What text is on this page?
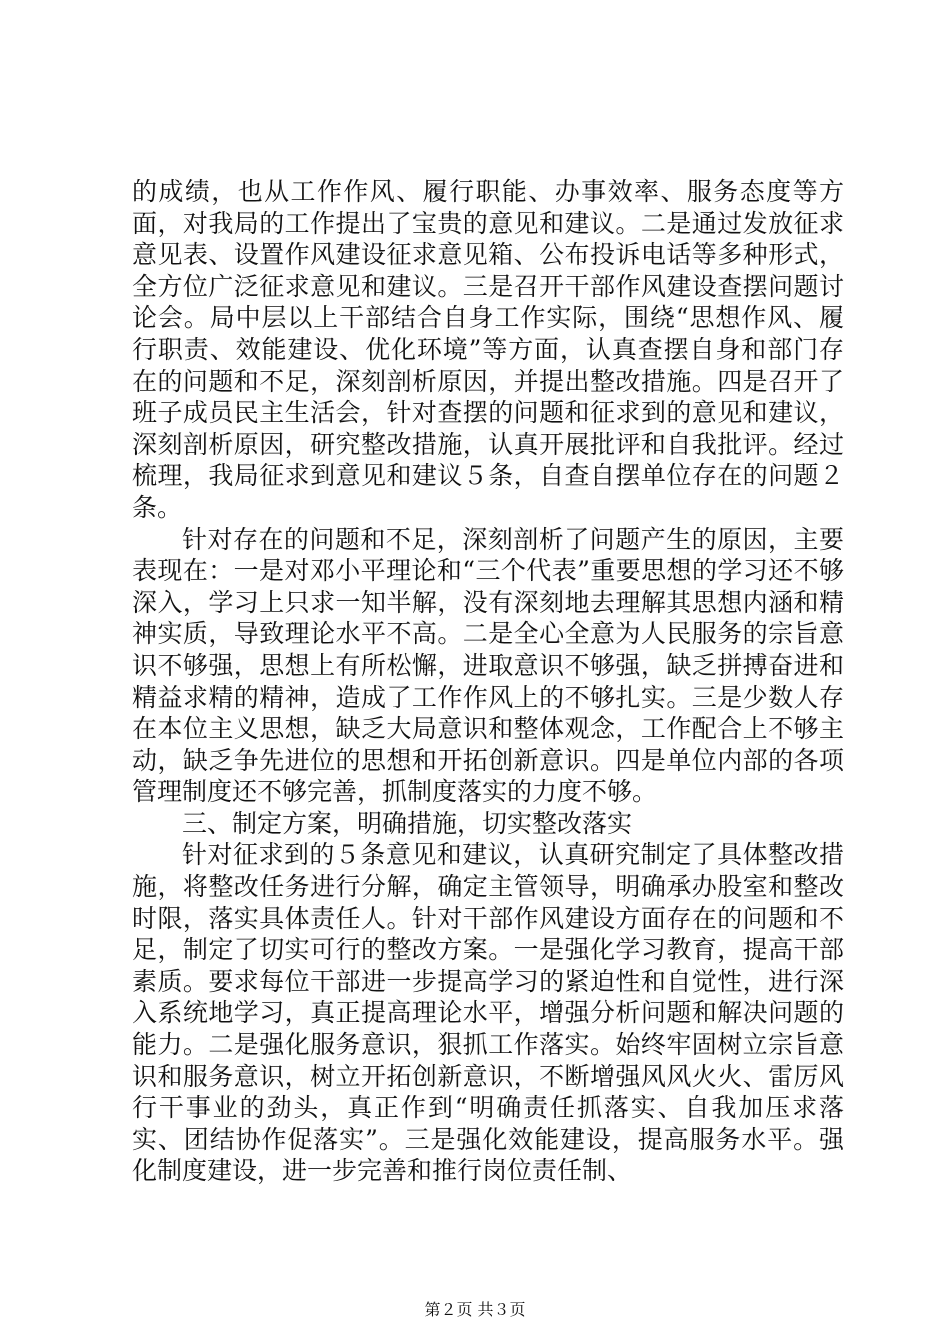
的成绩，也从工作作风、履行职能、办事效率、服务态度等方面，对我局的工作提出了宝贵的意见和建议。二是通过发放征求意见表、设置作风建设征求意见箱、公布投诉电话等多种形式，全方位广泛征求意见和建议。三是召开干部作风建设查摆问题讨论会。局中层以上干部结合自身工作实际，围绕“思想作风、履行职责、效能建设、优化环境”等方面，认真查摆自身和部门存在的问题和不足，深刻剖析原因，并提出整改措施。四是召开了班子成员民主生活会，针对查摆的问题和征求到的意见和建议，深刻剖析原因，研究整改措施，认真开展批评和自我批评。经过梳理，我局征求到意见和建议５条，自查自摆单位存在的问题２条。

针对存在的问题和不足，深刻剖析了问题产生的原因，主要表现在：一是对邓小平理论和“三个代表”重要思想的学习还不够深入，学习上只求一知半解，没有深刻地去理解其思想内涵和精神实质，导致理论水平不高。二是全心全意为人民服务的宗旨意识不够强，思想上有所松懈，进取意识不够强，缺乏拼搏奋进和精益求精的精神，造成了工作作风上的不够扎实。三是少数人存在本位主义思想，缺乏大局意识和整体观念，工作配合上不够主动，缺乏争先进位的思想和开拓创新意识。四是单位内部的各项管理制度还不够完善，抓制度落实的力度不够。

三、制定方案，明确措施，切实整改落实

针对征求到的５条意见和建议，认真研究制定了具体整改措施，将整改任务进行分解，确定主管领导，明确承办股室和整改时限，落实具体责任人。针对干部作风建设方面存在的问题和不足，制定了切实可行的整改方案。一是强化学习教育，提高干部素质。要求每位干部进一步提高学习的紧迫性和自觉性，进行深入系统地学习，真正提高理论水平，增强分析问题和解决问题的能力。二是强化服务意识，狠抓工作落实。始终牢固树立宗旨意识和服务意识，树立开拓创新意识，不断增强风风火火、雷厉风行干事业的劲头，真正作到“明确责任抓落实、自我加压求落实、团结协作促落实”。三是强化效能建设，提高服务水平。强化制度建设，进一步完善和推行岗位责任制、

第２页 共３页
